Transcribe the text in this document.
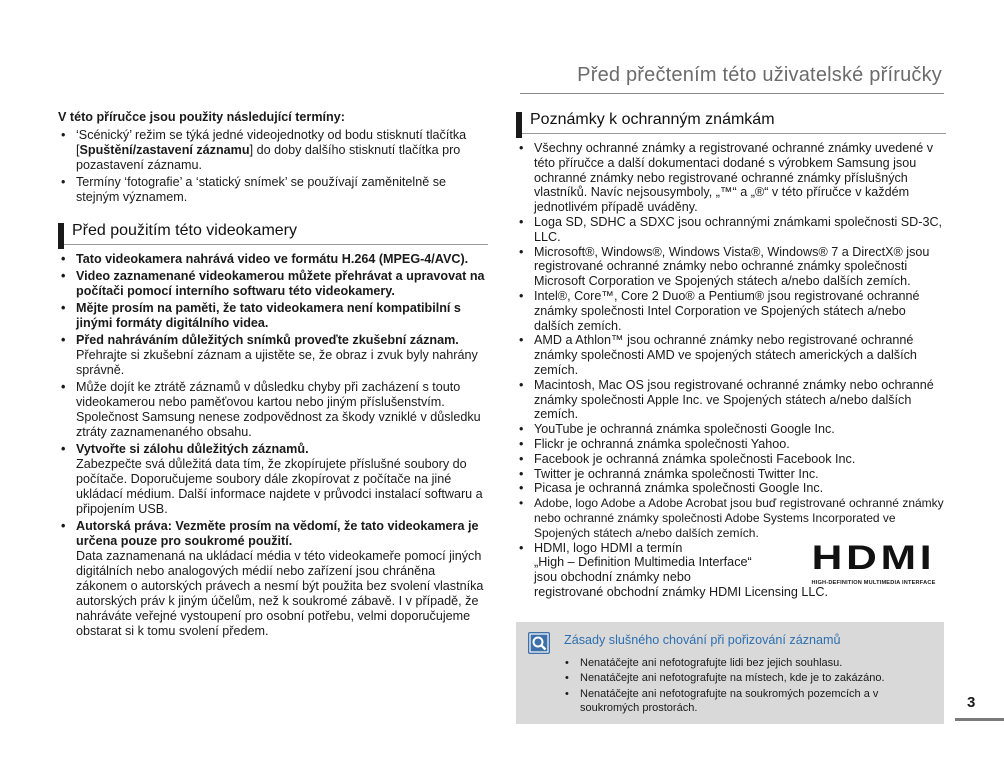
Před přečtením této uživatelské příručky

V této příručce jsou použity následující termíny:

• ‘Scénický’ režim se týká jedné videojednotky od bodu stisknutí tlačítka [Spuštění/zastavení záznamu] do doby dalšího stisknutí tlačítka pro pozastavení záznamu.
• Termíny ‘fotografie’ a ‘statický snímek’ se používají zaměnitelně se stejným významem.
Před použitím této videokamery
• Tato videokamera nahrává video ve formátu H.264 (MPEG-4/AVC).
• Video zaznamenané videokamerou můžete přehrávat a upravovat na počítači pomocí interního softwaru této videokamery.
• Mějte prosím na paměti, že tato videokamera není kompatibilní s jinými formáty digitálního videa.
• Před nahráváním důležitých snímků proveďte zkušební záznam.
Přehrajte si zkušební záznam a ujistěte se, že obraz i zvuk byly nahrány správně.
• Může dojít ke ztrátě záznamů v důsledku chyby při zacházení s touto videokamerou nebo paměťovou kartou nebo jiným příslušenstvím. Společnost Samsung nenese zodpovědnost za škody vzniklé v důsledku ztráty zaznamenaného obsahu.
• Vytvořte si zálohu důležitých záznamů.
Zabezpečte svá důležitá data tím, že zkopírujete příslušné soubory do počítače. Doporučujeme soubory dále zkopírovat z počítače na jiné ukládací médium. Další informace najdete v průvodci instalací softwaru a připojením USB.
• Autorská práva: Vezměte prosím na vědomí, že tato videokamera je určena pouze pro soukromé použití.
Data zaznamenaná na ukládací média v této videokameře pomocí jiných digitálních nebo analogových médií nebo zařízení jsou chráněna zákonem o autorských právech a nesmí být použita bez svolení vlastníka autorských práv k jiným účelům, než k soukromé zábavě. I v případě, že nahráváte veřejné vystoupení pro osobní potřebu, velmi doporučujeme obstarat si k tomu svolení předem.
Poznámky k ochranným známkám
• Všechny ochranné známky a registrované ochranné známky uvedené v této příručce a další dokumentaci dodané s výrobkem Samsung jsou ochranné známky nebo registrované ochranné známky příslušných vlastníků. Navíc nejsousymboly, „™“ a „®“ v této příručce v každém jednotlivém případě uváděny.
• Loga SD, SDHC a SDXC jsou ochrannými známkami společnosti SD-3C, LLC.
• Microsoft®, Windows®, Windows Vista®, Windows® 7 a DirectX® jsou registrované ochranné známky nebo ochranné známky společnosti Microsoft Corporation ve Spojených státech a/nebo dalších zemích.
• Intel®, Core™, Core 2 Duo® a Pentium® jsou registrované ochranné známky společnosti Intel Corporation ve Spojených státech a/nebo dalších zemích.
• AMD a Athlon™ jsou ochranné známky nebo registrované ochranné známky společnosti AMD ve spojených státech amerických a dalších zemích.
• Macintosh, Mac OS jsou registrované ochranné známky nebo ochranné známky společnosti Apple Inc. ve Spojených státech a/nebo dalších zemích.
• YouTube je ochranná známka společnosti Google Inc.
• Flickr je ochranná známka společnosti Yahoo.
• Facebook je ochranná známka společnosti Facebook Inc.
• Twitter je ochranná známka společnosti Twitter Inc.
• Picasa je ochranná známka společnosti Google Inc.
• Adobe, logo Adobe a Adobe Acrobat jsou buď registrované ochranné známky nebo ochranné známky společnosti Adobe Systems Incorporated ve Spojených státech a/nebo dalších zemích.
• HDMI, logo HDMI a termín
„High – Definition Multimedia Interface“
jsou obchodní známky nebo
registrované obchodní známky HDMI Licensing LLC.
HDMI
HIGH-DEFINITION MULTIMEDIA INTERFACE
Zásady slušného chování při pořizování záznamů
• Nenatáčejte ani nefotografujte lidi bez jejich souhlasu.
• Nenatáčejte ani nefotografujte na místech, kde je to zakázáno.
• Nenatáčejte ani nefotografujte na soukromých pozemcích a v soukromých prostorách.	3
